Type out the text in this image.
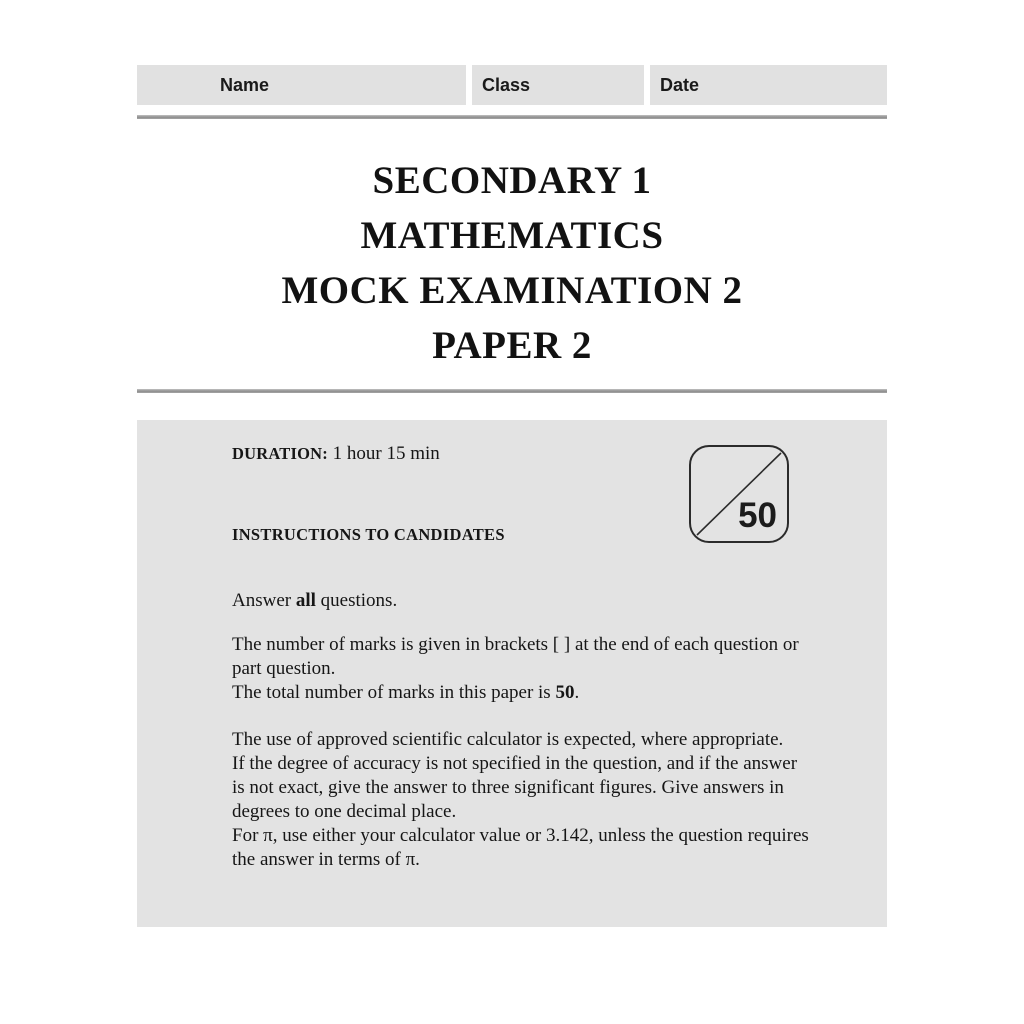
Name	Class	Date
SECONDARY 1
MATHEMATICS
MOCK EXAMINATION 2
PAPER 2
DURATION: 1 hour 15 min
50
INSTRUCTIONS TO CANDIDATES
Answer all questions.
The number of marks is given in brackets [ ] at the end of each question or part question.
The total number of marks in this paper is 50.
The use of approved scientific calculator is expected, where appropriate.
If the degree of accuracy is not specified in the question, and if the answer is not exact, give the answer to three significant figures. Give answers in degrees to one decimal place.
For π, use either your calculator value or 3.142, unless the question requires the answer in terms of π.
